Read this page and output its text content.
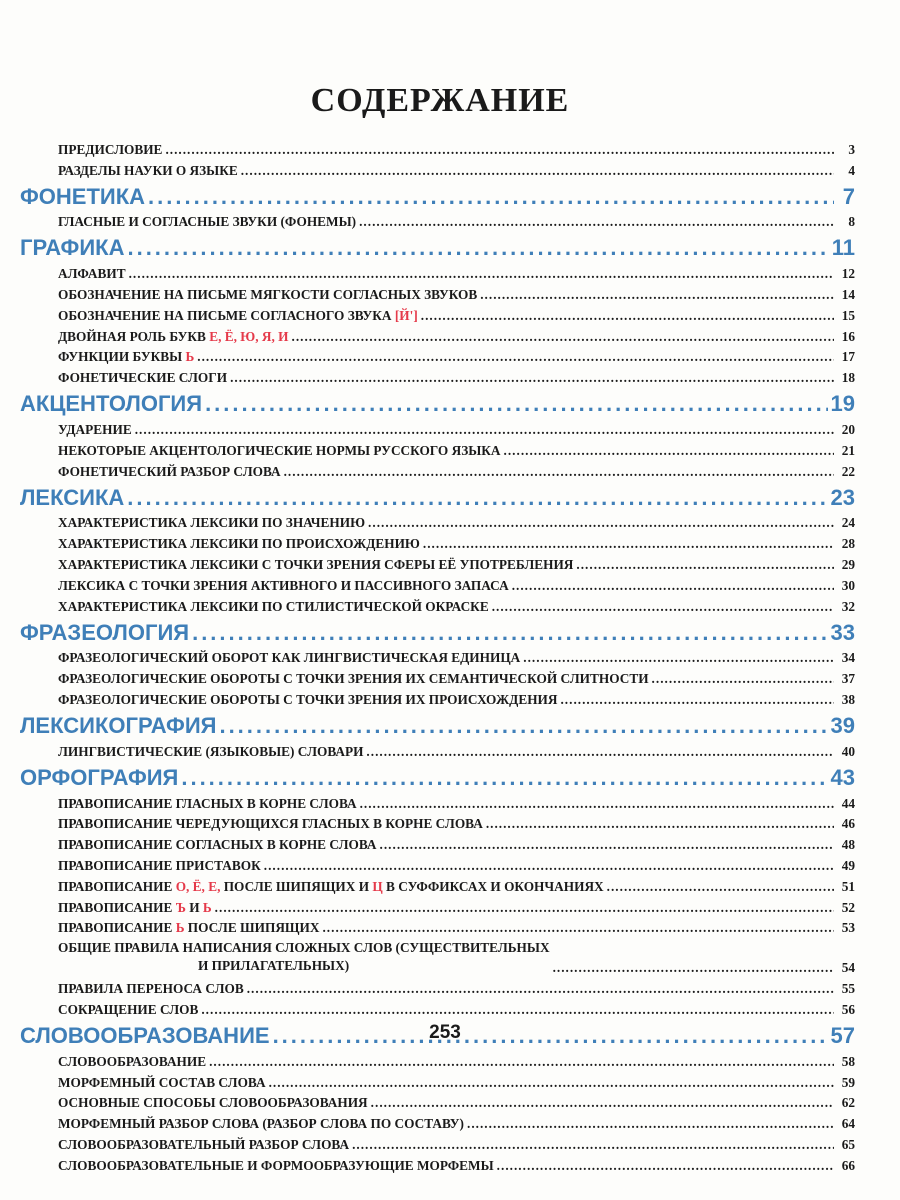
СОДЕРЖАНИЕ
ПРЕДИСЛОВИЕ .....	3
РАЗДЕЛЫ НАУКИ О ЯЗЫКЕ .....	4
ФОНЕТИКА .....	7
ГЛАСНЫЕ И СОГЛАСНЫЕ ЗВУКИ (ФОНЕМЫ) .....	8
ГРАФИКА .....	11
АЛФАВИТ .....	12
ОБОЗНАЧЕНИЕ НА ПИСЬМЕ МЯГКОСТИ СОГЛАСНЫХ ЗВУКОВ .....	14
ОБОЗНАЧЕНИЕ НА ПИСЬМЕ СОГЛАСНОГО ЗВУКА [Й'] .....	15
ДВОЙНАЯ РОЛЬ БУКВ Е, Ё, Ю, Я, И .....	16
ФУНКЦИИ БУКВЫ Ь .....	17
ФОНЕТИЧЕСКИЕ СЛОГИ .....	18
АКЦЕНТОЛОГИЯ .....	19
УДАРЕНИЕ .....	20
НЕКОТОРЫЕ АКЦЕНТОЛОГИЧЕСКИЕ НОРМЫ РУССКОГО ЯЗЫКА .....	21
ФОНЕТИЧЕСКИЙ РАЗБОР СЛОВА .....	22
ЛЕКСИКА .....	23
ХАРАКТЕРИСТИКА ЛЕКСИКИ ПО ЗНАЧЕНИЮ .....	24
ХАРАКТЕРИСТИКА ЛЕКСИКИ ПО ПРОИСХОЖДЕНИЮ .....	28
ХАРАКТЕРИСТИКА ЛЕКСИКИ С ТОЧКИ ЗРЕНИЯ СФЕРЫ ЕЁ УПОТРЕБЛЕНИЯ .....	29
ЛЕКСИКА С ТОЧКИ ЗРЕНИЯ АКТИВНОГО И ПАССИВНОГО ЗАПАСА .....	30
ХАРАКТЕРИСТИКА ЛЕКСИКИ ПО СТИЛИСТИЧЕСКОЙ ОКРАСКЕ .....	32
ФРАЗЕОЛОГИЯ .....	33
ФРАЗЕОЛОГИЧЕСКИЙ ОБОРОТ КАК ЛИНГВИСТИЧЕСКАЯ ЕДИНИЦА .....	34
ФРАЗЕОЛОГИЧЕСКИЕ ОБОРОТЫ С ТОЧКИ ЗРЕНИЯ ИХ СЕМАНТИЧЕСКОЙ СЛИТНОСТИ .....	37
ФРАЗЕОЛОГИЧЕСКИЕ ОБОРОТЫ С ТОЧКИ ЗРЕНИЯ ИХ ПРОИСХОЖДЕНИЯ .....	38
ЛЕКСИКОГРАФИЯ .....	39
ЛИНГВИСТИЧЕСКИЕ (ЯЗЫКОВЫЕ) СЛОВАРИ .....	40
ОРФОГРАФИЯ .....	43
ПРАВОПИСАНИЕ ГЛАСНЫХ В КОРНЕ СЛОВА .....	44
ПРАВОПИСАНИЕ ЧЕРЕДУЮЩИХСЯ ГЛАСНЫХ В КОРНЕ СЛОВА .....	46
ПРАВОПИСАНИЕ СОГЛАСНЫХ В КОРНЕ СЛОВА .....	48
ПРАВОПИСАНИЕ ПРИСТАВОК .....	49
ПРАВОПИСАНИЕ О, Ё, Е, ПОСЛЕ ШИПЯЩИХ И Ц В СУФФИКСАХ И ОКОНЧАНИЯХ .....	51
ПРАВОПИСАНИЕ Ъ И Ь .....	52
ПРАВОПИСАНИЕ Ь ПОСЛЕ ШИПЯЩИХ .....	53
ОБЩИЕ ПРАВИЛА НАПИСАНИЯ СЛОЖНЫХ СЛОВ (СУЩЕСТВИТЕЛЬНЫХ
И ПРИЛАГАТЕЛЬНЫХ) .....	54
ПРАВИЛА ПЕРЕНОСА СЛОВ .....	55
СОКРАЩЕНИЕ СЛОВ .....	56
СЛОВООБРАЗОВАНИЕ .....	57
СЛОВООБРАЗОВАНИЕ .....	58
МОРФЕМНЫЙ СОСТАВ СЛОВА .....	59
ОСНОВНЫЕ СПОСОБЫ СЛОВООБРАЗОВАНИЯ .....	62
МОРФЕМНЫЙ РАЗБОР СЛОВА (РАЗБОР СЛОВА ПО СОСТАВУ) .....	64
СЛОВООБРАЗОВАТЕЛЬНЫЙ РАЗБОР СЛОВА .....	65
СЛОВООБРАЗОВАТЕЛЬНЫЕ И ФОРМООБРАЗУЮЩИЕ МОРФЕМЫ .....	66
253
